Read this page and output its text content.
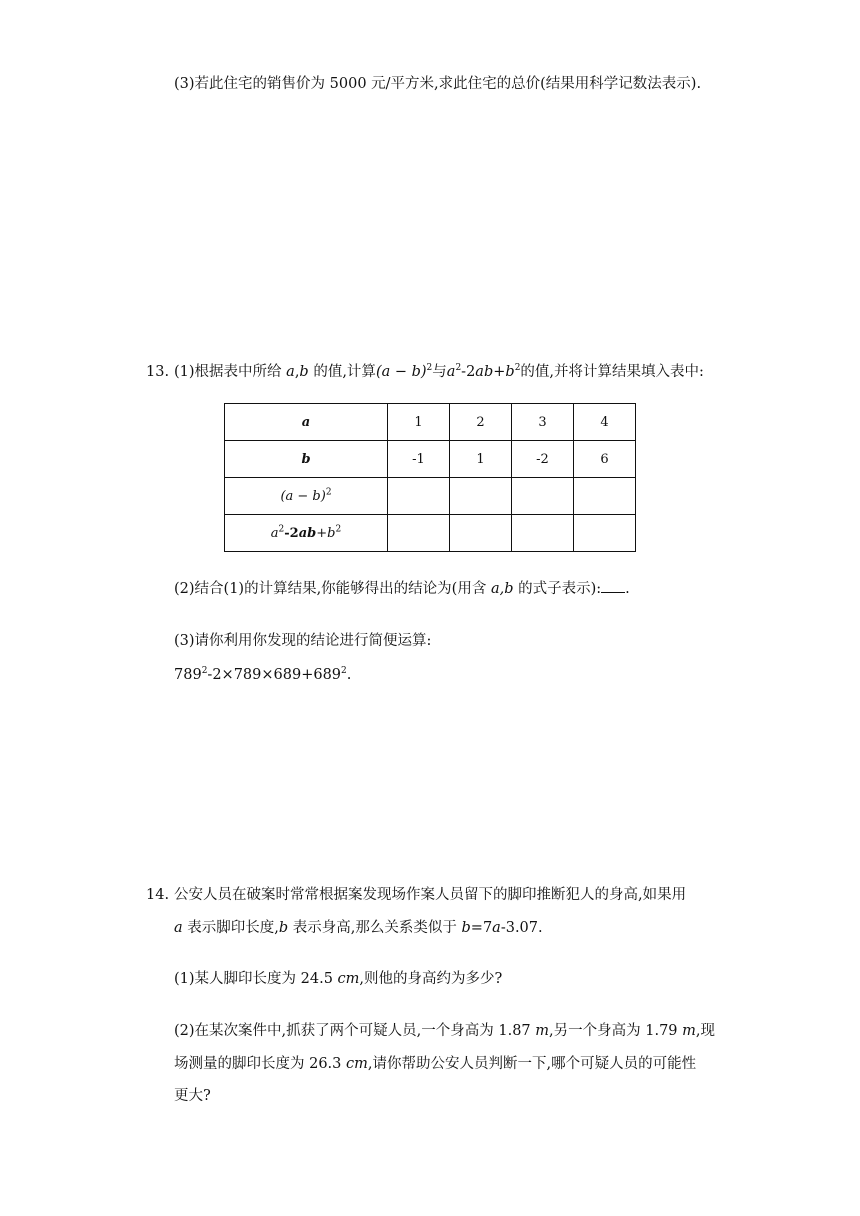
(3)若此住宅的销售价为 5000 元/平方米,求此住宅的总价(结果用科学记数法表示).
13. (1)根据表中所给 a,b 的值,计算$(a - b)^2$与$a^2-2ab+b^2$的值,并将计算结果填入表中:
a	1	2	3	4
b	-1	1	-2	6
$(a - b)^2$				
$a^2-2ab+b^2$				
(2)结合(1)的计算结果,你能够得出的结论为(用含 a,b 的式子表示): .
(3)请你利用你发现的结论进行简便运算:
$789^2-2\times 789\times 689+689^2$.
14. 公安人员在破案时常常根据案发现场作案人员留下的脚印推断犯人的身高,如果用
a 表示脚印长度,b 表示身高,那么关系类似于 b=7a-3.07.
(1)某人脚印长度为 24.5 cm,则他的身高约为多少?
(2)在某次案件中,抓获了两个可疑人员,一个身高为 1.87 m,另一个身高为 1.79 m,现
场测量的脚印长度为 26.3 cm,请你帮助公安人员判断一下,哪个可疑人员的可能性
更大?
